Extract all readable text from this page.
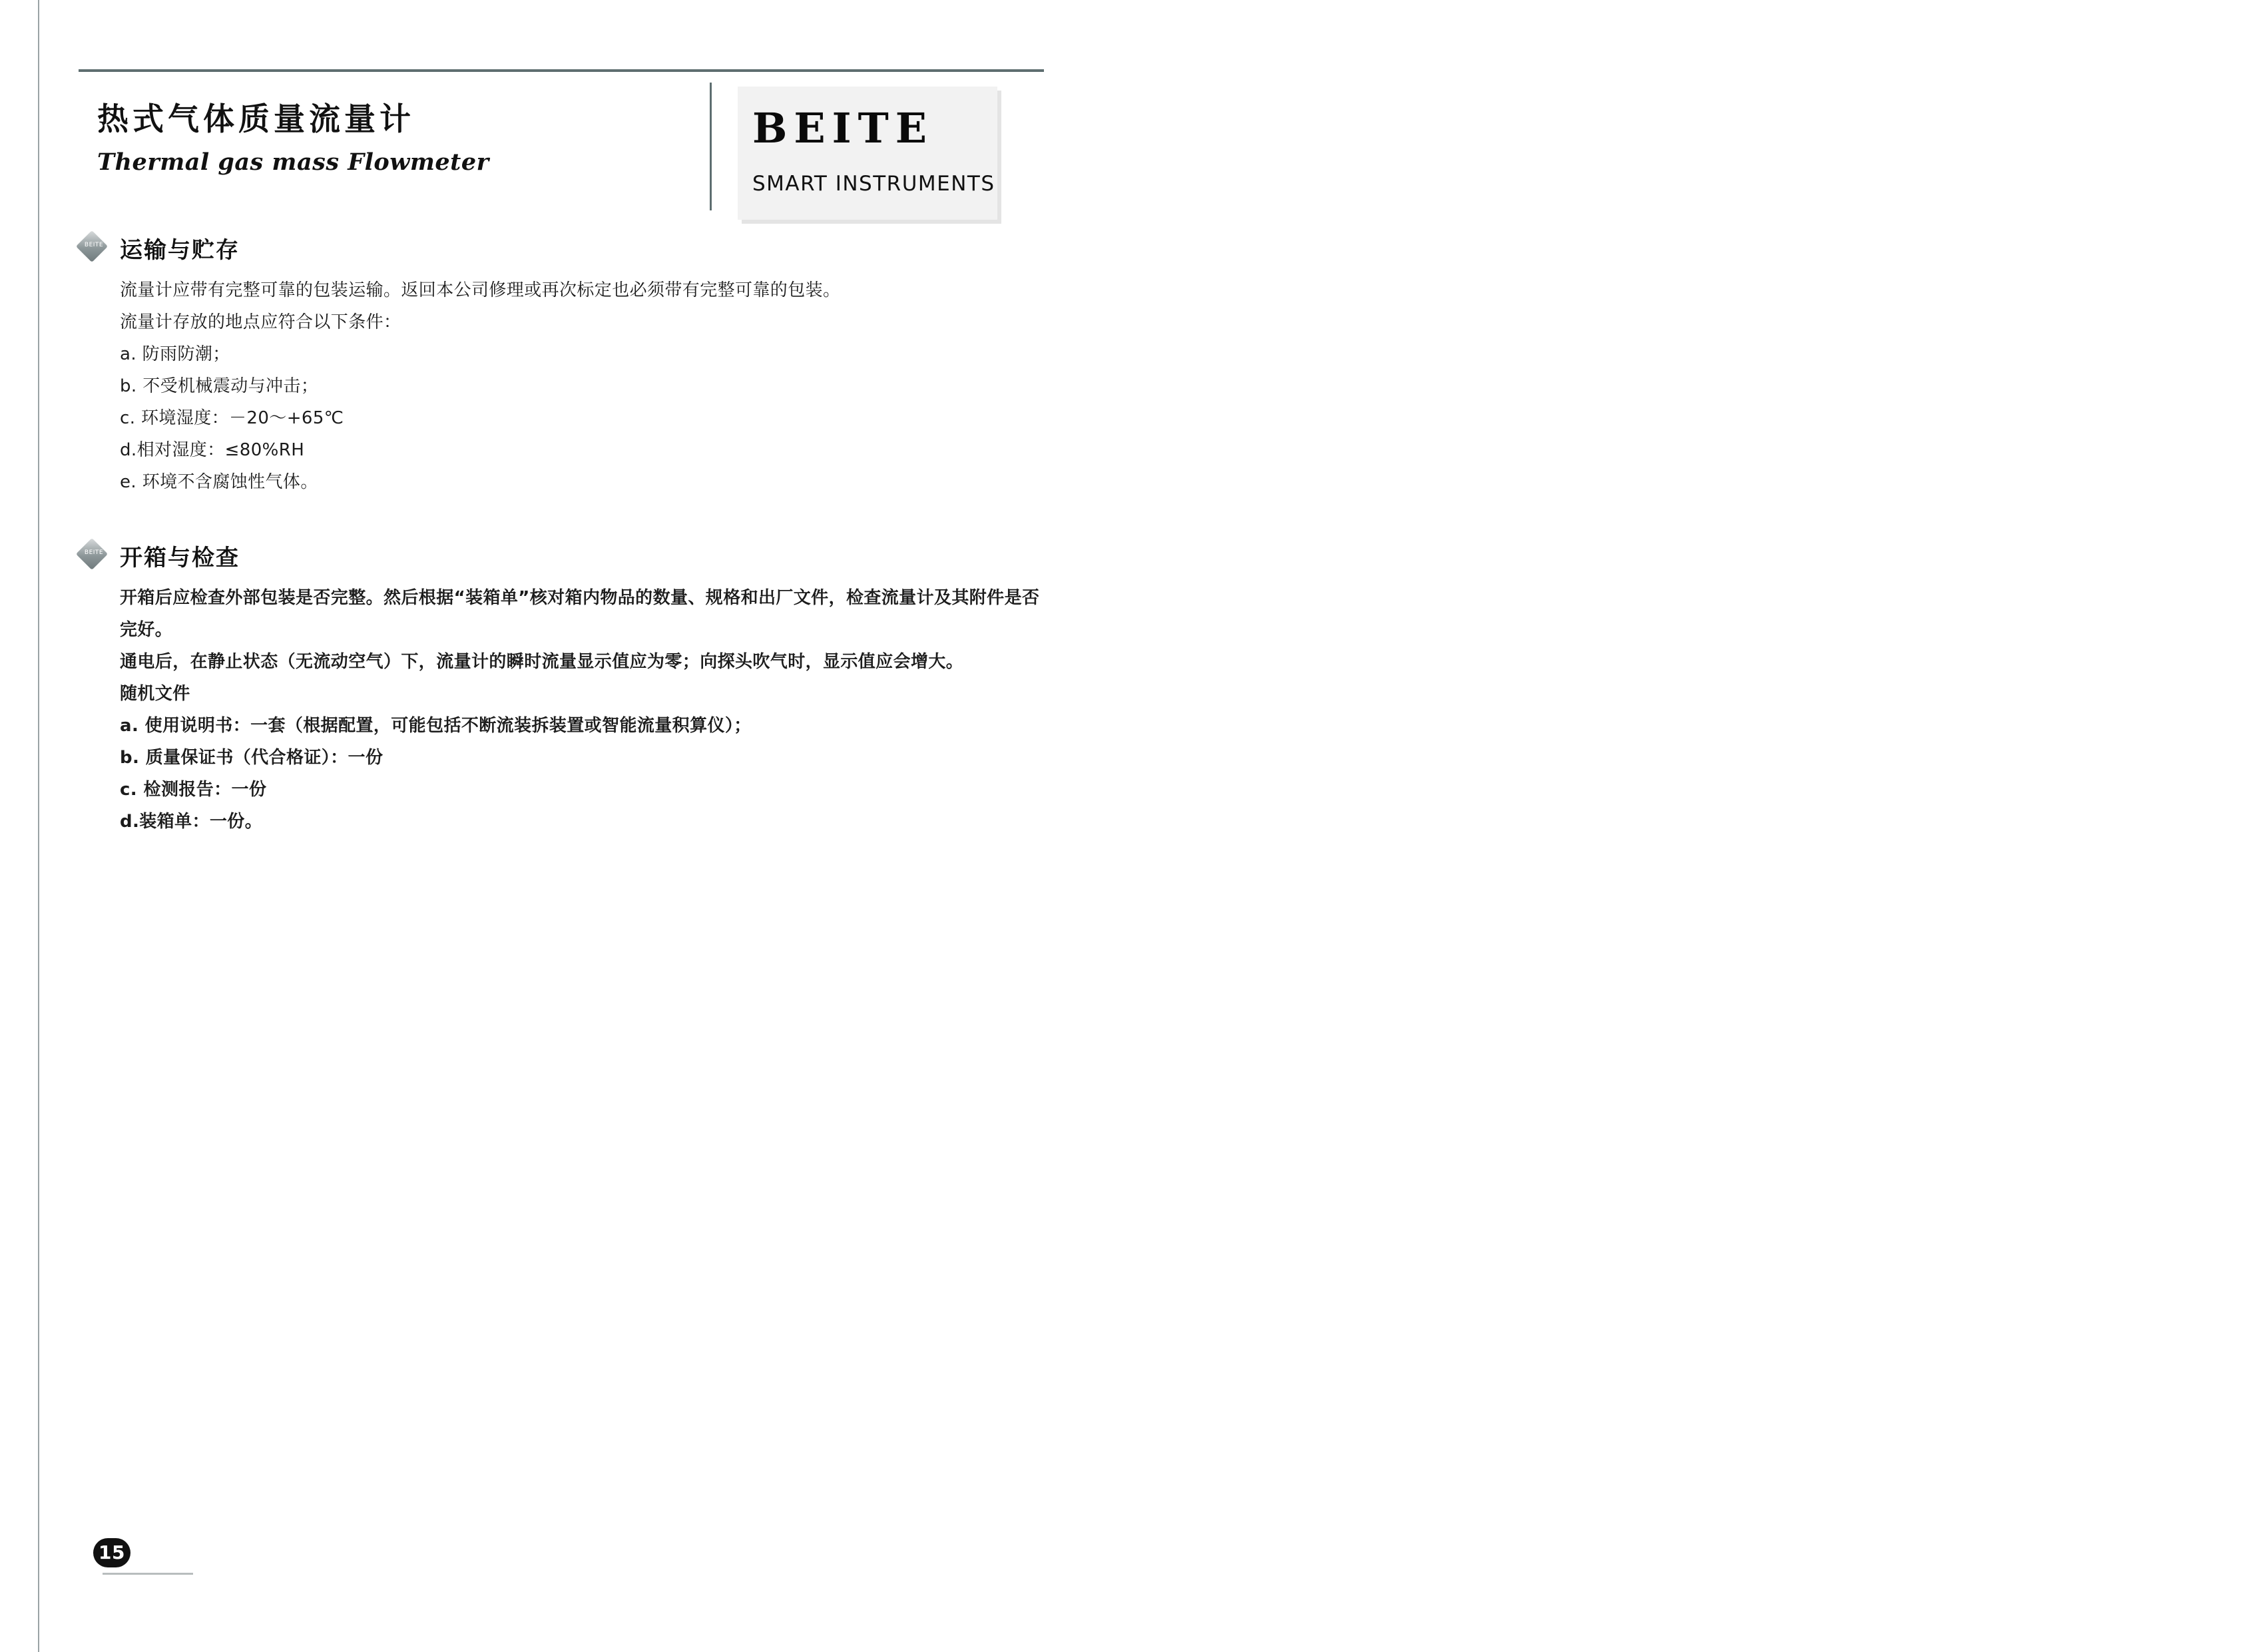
热式气体质量流量计
Thermal gas mass Flowmeter
BEITE
SMART INSTRUMENTS
BEITE 运输与贮存
流量计应带有完整可靠的包装运输。返回本公司修理或再次标定也必须带有完整可靠的包装。
流量计存放的地点应符合以下条件：
a. 防雨防潮；
b. 不受机械震动与冲击；
c. 环境湿度：－20～+65℃
d.相对湿度：≤80%RH
e. 环境不含腐蚀性气体。
BEITE 开箱与检查
开箱后应检查外部包装是否完整。然后根据“装箱单”核对箱内物品的数量、规格和出厂文件，检查流量计及其附件是否完好。
通电后，在静止状态（无流动空气）下，流量计的瞬时流量显示值应为零；向探头吹气时，显示值应会增大。
随机文件
a. 使用说明书：一套（根据配置，可能包括不断流装拆装置或智能流量积算仪）；
b. 质量保证书（代合格证）：一份
c. 检测报告：一份
d.装箱单：一份。
15
